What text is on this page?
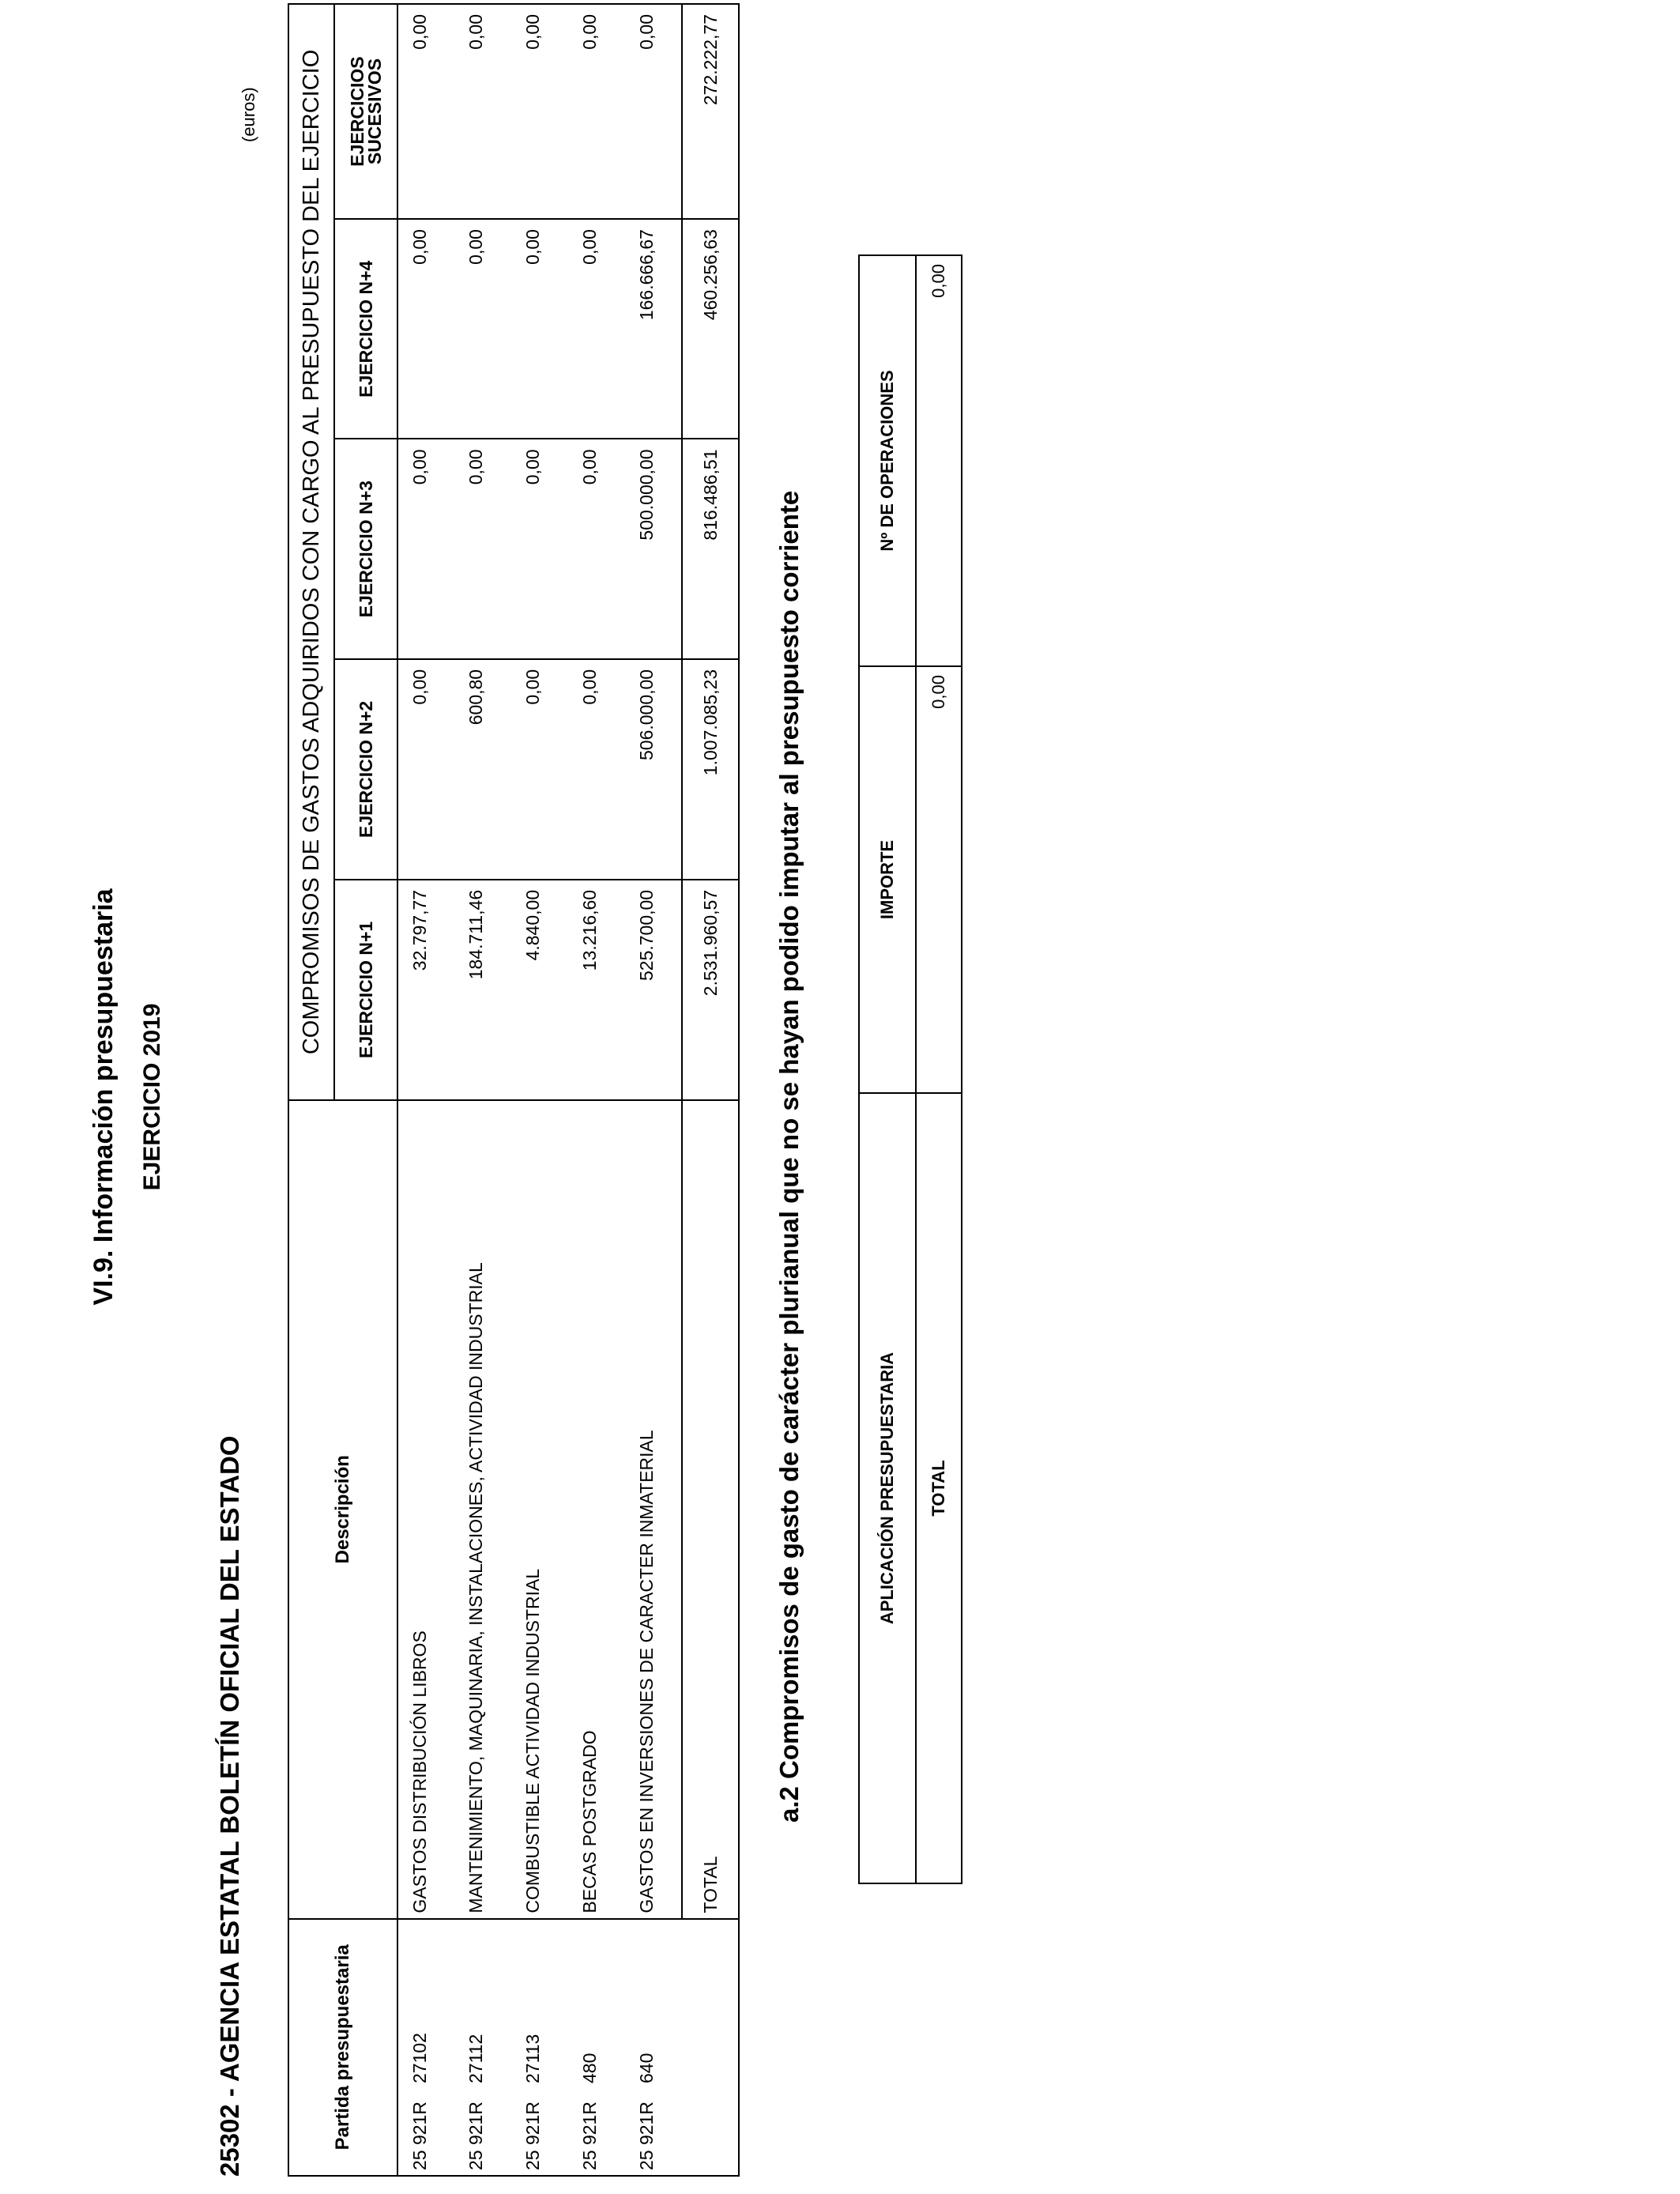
VI.9. Información presupuestaria EJERCICIO 2019
25302 - AGENCIA ESTATAL BOLETÍN OFICIAL DEL ESTADO
(euros)
Partida presupuestaria	Descripción	COMPROMISOS DE GASTOS ADQUIRIDOS CON CARGO AL PRESUPUESTO DEL EJERCICIO				
		EJERCICIO N+1	EJERCICIO N+2	EJERCICIO N+3	EJERCICIO N+4	EJERCICIOS
SUCESIVOS

25 921R27102	GASTOS DISTRIBUCIÓN LIBROS	32.797,77	0,00	0,00	0,00	0,00
25 921R27112	MANTENIMIENTO, MAQUINARIA, INSTALACIONES, ACTIVIDAD INDUSTRIAL	184.711,46	600,80	0,00	0,00	0,00
25 921R27113	COMBUSTIBLE ACTIVIDAD INDUSTRIAL	4.840,00	0,00	0,00	0,00	0,00
25 921R480	BECAS POSTGRADO	13.216,60	0,00	0,00	0,00	0,00
25 921R640	GASTOS EN INVERSIONES DE CARACTER INMATERIAL	525.700,00	506.000,00	500.000,00	166.666,67	0,00
	TOTAL	2.531.960,57	1.007.085,23	816.486,51	460.256,63	272.222,77
a.2 Compromisos de gasto de carácter plurianual que no se hayan podido imputar al presupuesto corriente	APLICACIÓN PRESUPUESTARIA	IMPORTE	Nº DE OPERACIONES
TOTAL	0,00	0,00
